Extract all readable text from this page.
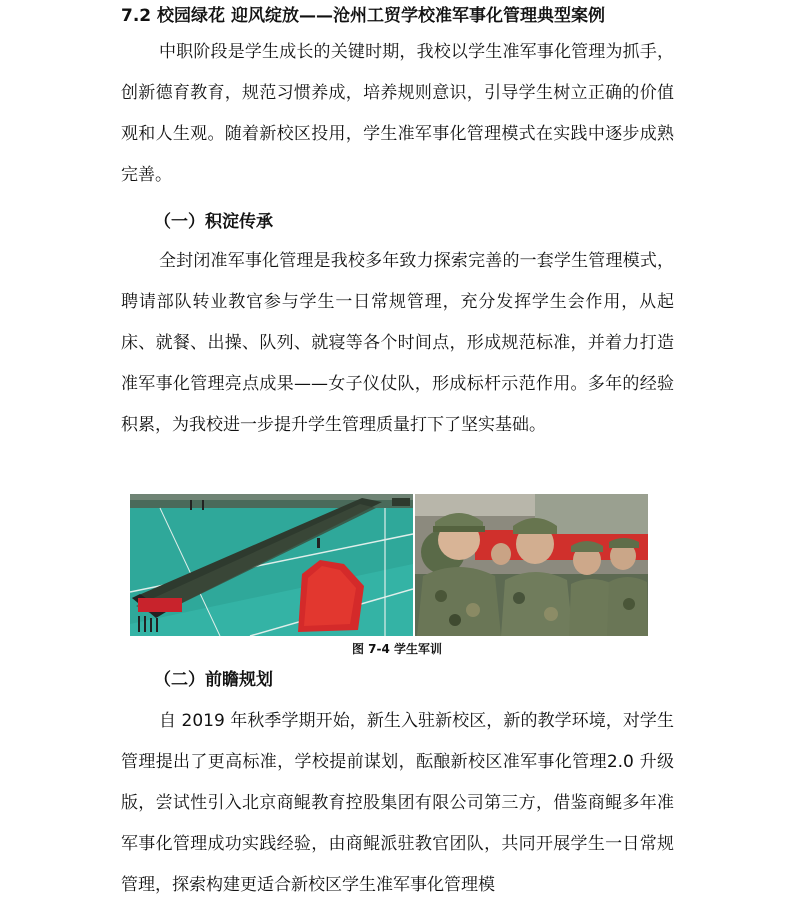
7.2 校园绿花 迎风绽放——沧州工贸学校准军事化管理典型案例

中职阶段是学生成长的关键时期，我校以学生准军事化管理为抓手，创新德育教育，规范习惯养成，培养规则意识，引导学生树立正确的价值观和人生观。随着新校区投用，学生准军事化管理模式在实践中逐步成熟完善。

（一）积淀传承

全封闭准军事化管理是我校多年致力探索完善的一套学生管理模式，聘请部队转业教官参与学生一日常规管理，充分发挥学生会作用，从起床、就餐、出操、队列、就寝等各个时间点，形成规范标准，并着力打造准军事化管理亮点成果——女子仪仗队，形成标杆示范作用。多年的经验积累，为我校进一步提升学生管理质量打下了坚实基础。

图 7-4 学生军训
（二）前瞻规划

自 2019 年秋季学期开始，新生入驻新校区，新的教学环境，对学生管理提出了更高标准，学校提前谋划，酝酿新校区准军事化管理2.0 升级版，尝试性引入北京商鲲教育控股集团有限公司第三方，借鉴商鲲多年准军事化管理成功实践经验，由商鲲派驻教官团队，共同开展学生一日常规管理，探索构建更适合新校区学生准军事化管理模
